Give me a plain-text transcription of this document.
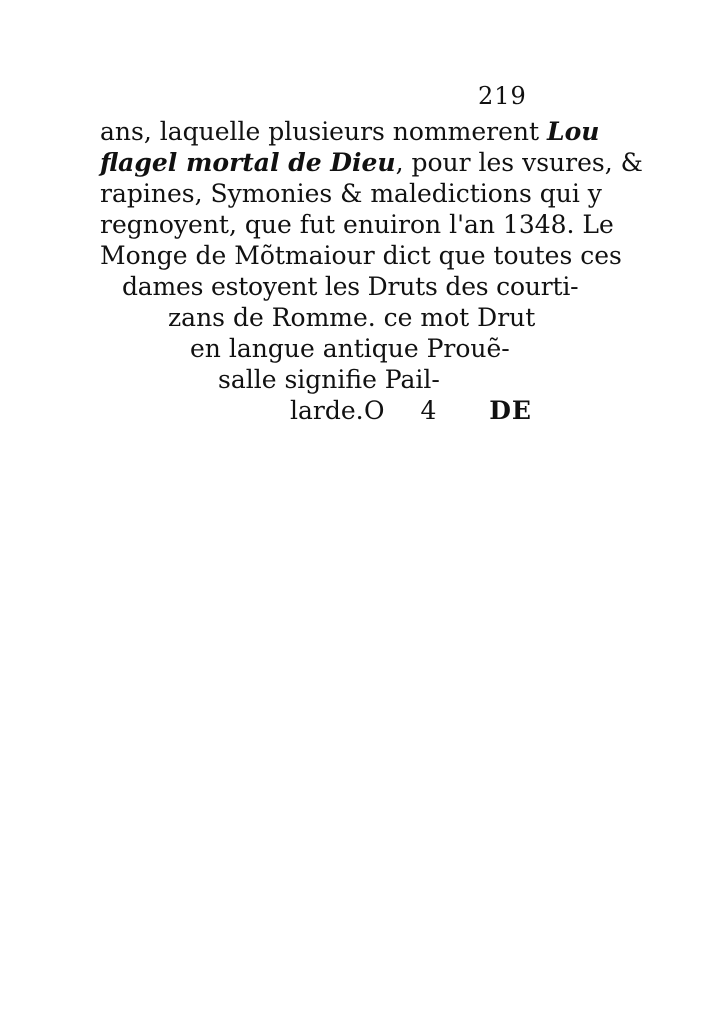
219
ans, laquelle plusieurs nommerent Lou
flagel mortal de Dieu, pour les vsures, &
rapines, Symonies & maledictions qui y
regnoyent, que fut enuiron l'an 1348. Le
Monge de Mõtmaiour dict que toutes ces
dames estoyent les Druts des courti-
zans de Romme. ce mot Drut
en langue antique Prouẽ-
salle signifie Pail-
larde. O 4 DE
